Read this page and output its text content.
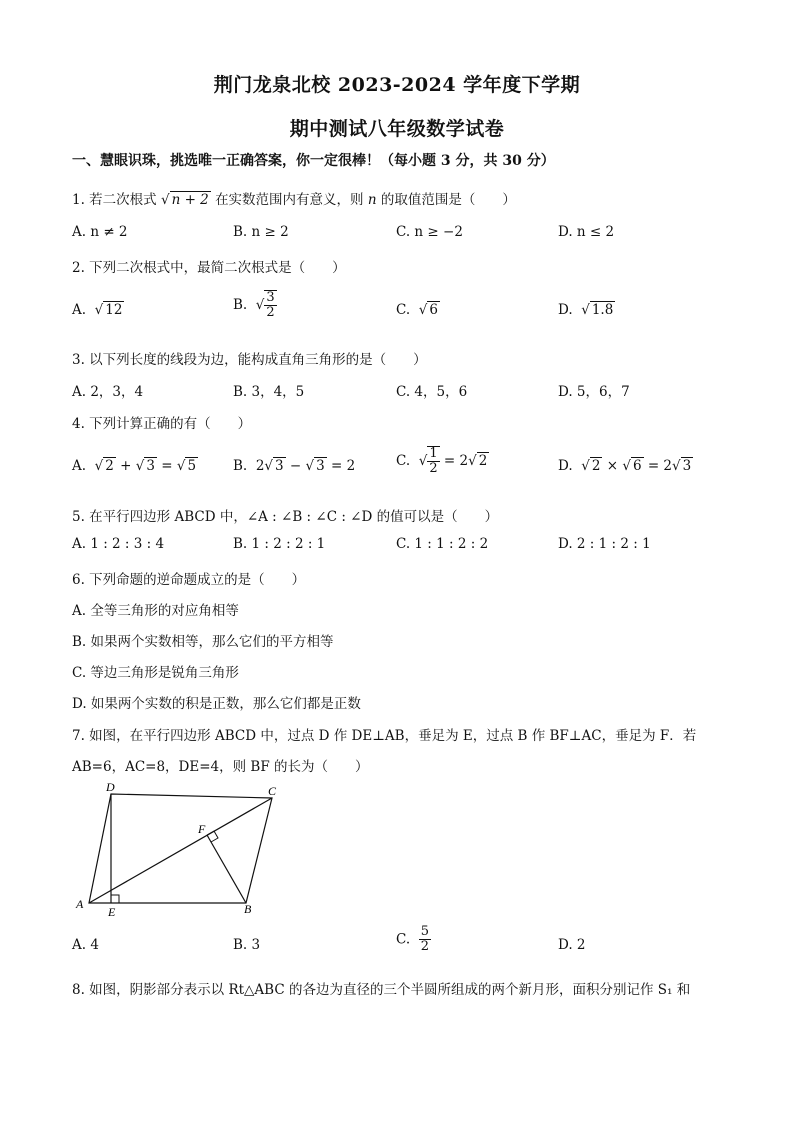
荆门龙泉北校 2023-2024 学年度下学期
期中测试八年级数学试卷
一、慧眼识珠，挑选唯一正确答案，你一定很棒！（每小题 3 分，共 30 分）
1. 若二次根式 √ n + 2 在实数范围内有意义，则 n 的取值范围是（　　）
A. n ≠ 2	B. n ≥ 2	C. n ≥ −2	D. n ≤ 2
2. 下列二次根式中，最简二次根式是（　　）
A.  √ 12	B.  √ $\frac{3}{2}$	C.  √ 6	D.  √ 1.8
3. 以下列长度的线段为边，能构成直角三角形的是（　　）
A. 2，3，4	B. 3，4，5	C. 4，5，6	D. 5，6，7
4. 下列计算正确的有（　　）
A.  √ 2 + √ 3 = √ 5	B. 2√ 3 − √ 3 = 2	C.  √ $\frac{1}{2} = 2√$ 2	D.  √ 2 × √ 6 = 2√ 3
5. 在平行四边形 ABCD 中，∠A : ∠B : ∠C : ∠D 的值可以是（　　）
A. 1 : 2 : 3 : 4	B. 1 : 2 : 2 : 1	C. 1 : 1 : 2 : 2	D. 2 : 1 : 2 : 1
6. 下列命题的逆命题成立的是（　　）
A. 全等三角形的对应角相等
B. 如果两个实数相等，那么它们的平方相等
C. 等边三角形是锐角三角形
D. 如果两个实数的积是正数，那么它们都是正数
7. 如图，在平行四边形 ABCD 中，过点 D 作 DE⊥AB，垂足为 E，过点 B 作 BF⊥AC，垂足为 F．若
AB=6，AC=8，DE=4，则 BF 的长为（　　）
D	C
F
A
E	B
A. 4	B. 3	C. $\frac{5}{2}$	D. 2
8. 如图，阴影部分表示以 Rt△ABC 的各边为直径的三个半圆所组成的两个新月形，面积分别记作 S₁ 和
